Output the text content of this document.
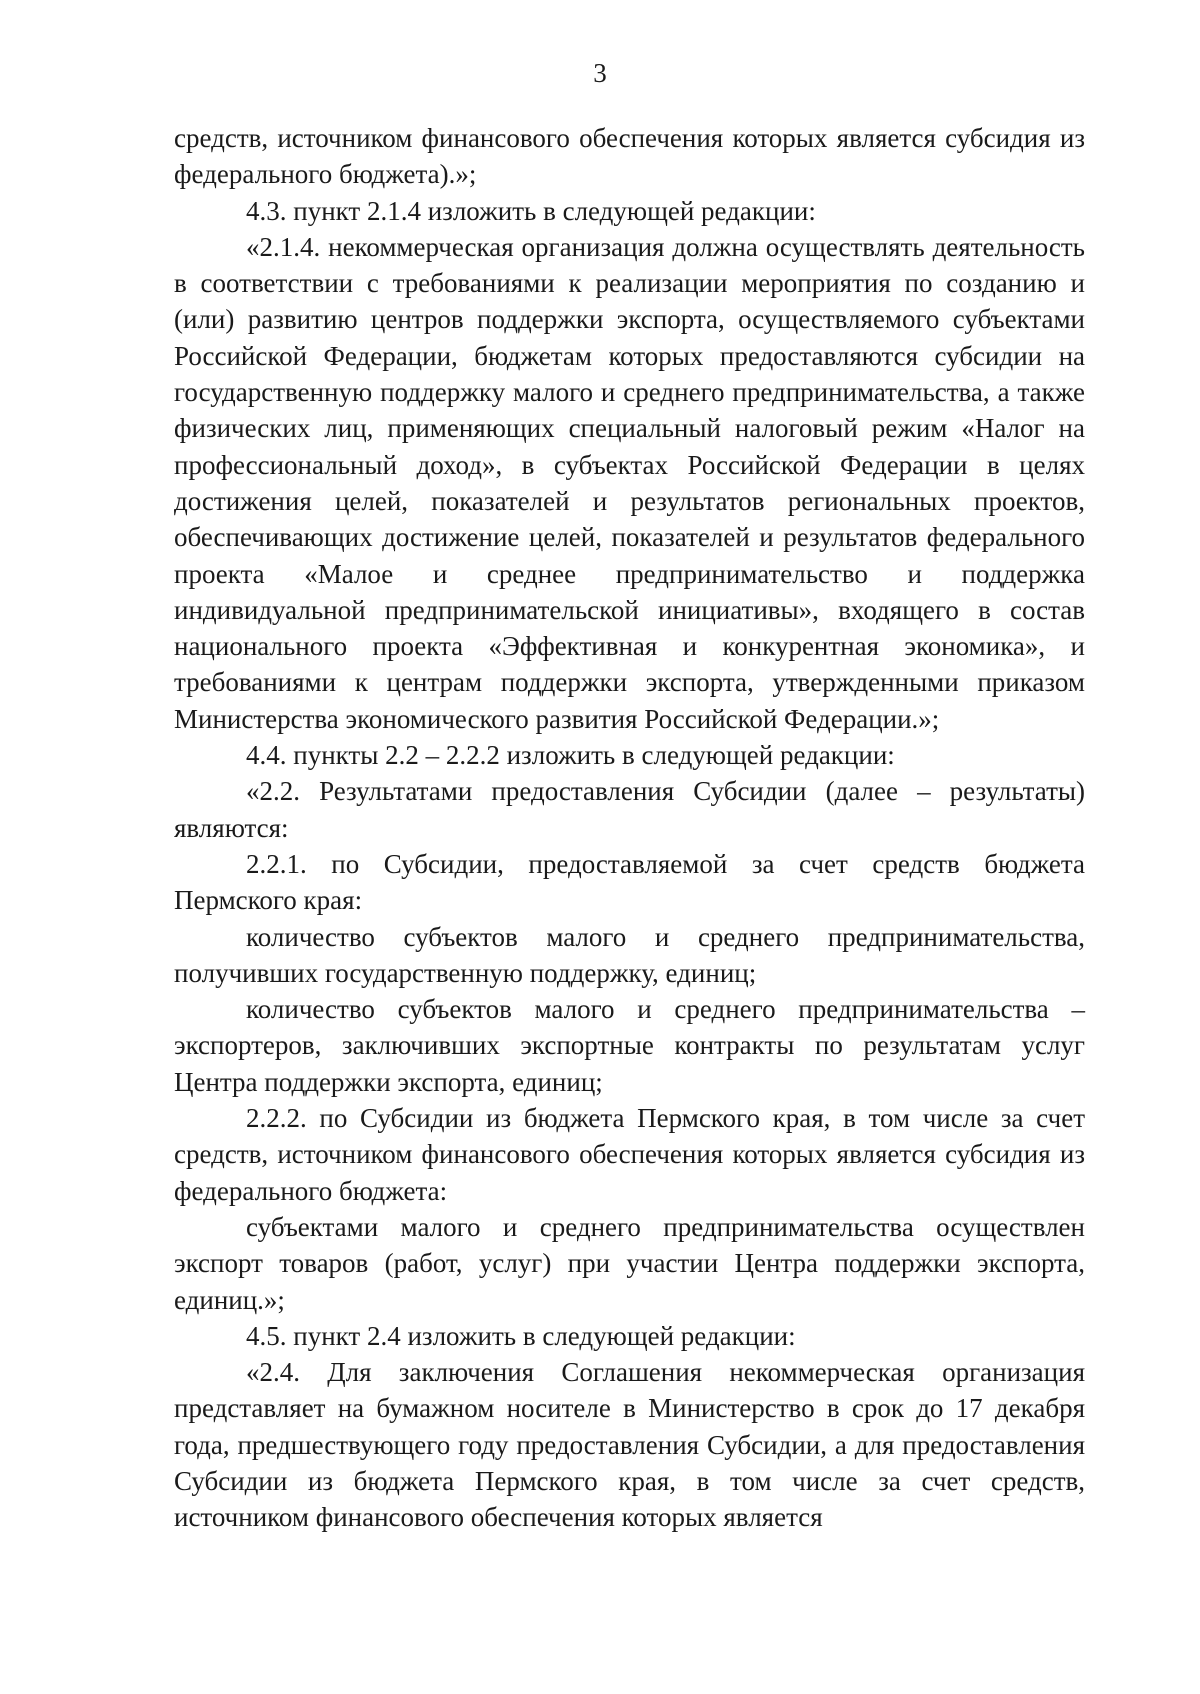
3

средств, источником финансового обеспечения которых является субсидия из федерального бюджета).»;

4.3. пункт 2.1.4 изложить в следующей редакции:

«2.1.4. некоммерческая организация должна осуществлять деятельность в соответствии с требованиями к реализации мероприятия по созданию и (или) развитию центров поддержки экспорта, осуществляемого субъектами Российской Федерации, бюджетам которых предоставляются субсидии на государственную поддержку малого и среднего предпринимательства, а также физических лиц, применяющих специальный налоговый режим «Налог на профессиональный доход», в субъектах Российской Федерации в целях достижения целей, показателей и результатов региональных проектов, обеспечивающих достижение целей, показателей и результатов федерального проекта «Малое и среднее предпринимательство и поддержка индивидуальной предпринимательской инициативы», входящего в состав национального проекта «Эффективная и конкурентная экономика», и требованиями к центрам поддержки экспорта, утвержденными приказом Министерства экономического развития Российской Федерации.»;

4.4. пункты 2.2 – 2.2.2 изложить в следующей редакции:

«2.2. Результатами предоставления Субсидии (далее – результаты) являются:

2.2.1. по Субсидии, предоставляемой за счет средств бюджета Пермского края:

количество субъектов малого и среднего предпринимательства, получивших государственную поддержку, единиц;

количество субъектов малого и среднего предпринимательства – экспортеров, заключивших экспортные контракты по результатам услуг Центра поддержки экспорта, единиц;

2.2.2. по Субсидии из бюджета Пермского края, в том числе за счет средств, источником финансового обеспечения которых является субсидия из федерального бюджета:

субъектами малого и среднего предпринимательства осуществлен экспорт товаров (работ, услуг) при участии Центра поддержки экспорта, единиц.»;

4.5. пункт 2.4 изложить в следующей редакции:

«2.4. Для заключения Соглашения некоммерческая организация представляет на бумажном носителе в Министерство в срок до 17 декабря года, предшествующего году предоставления Субсидии, а для предоставления Субсидии из бюджета Пермского края, в том числе за счет средств, источником финансового обеспечения которых является
